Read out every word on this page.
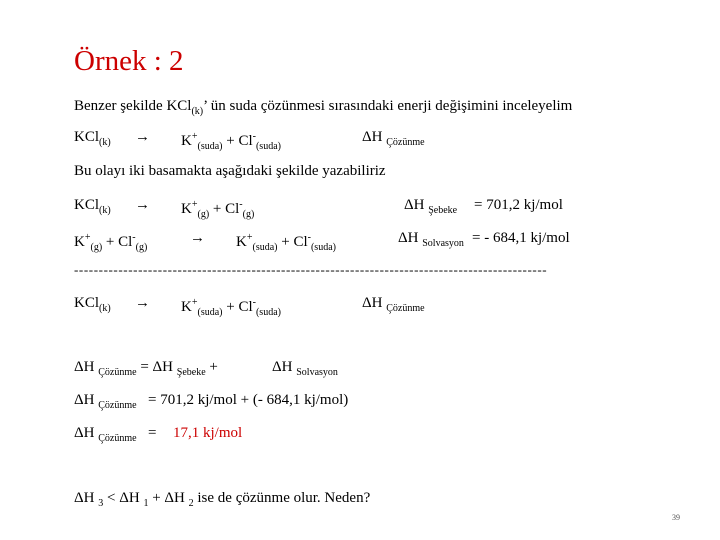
Örnek : 2
Benzer şekilde KCl$_{(k)}$’ ün suda çözünmesi sırasındaki enerji değişimini inceleyelim
$KCl_{(k)} \to K^+_{(suda)} + Cl^-_{(suda)}$
ΔH $_{Çözünme}$
Bu olayı iki basamakta aşağıdaki şekilde yazabiliriz
$KCl_{(k)} \to K^+_{(g)} + Cl^-_{(g)}$
ΔH $_{Şebeke}$ = 701,2 kj/mol
$K^+_{(g)} + Cl^-_{(g)}$
→ $K^+_{(suda)} + Cl^-_{(suda)}$
ΔH $_{Solvasyon}$ = - 684,1 kj/mol
------------------------------------------------------------------------------------------------
$KCl_{(k)} \to K^+_{(suda)} + Cl^-_{(suda)}$
ΔH $_{Çözünme}$
ΔH $_{Çözünme}$ = ΔH $_{Şebeke}$ +	ΔH $_{Solvasyon}$
ΔH $_{Çözünme}$ = 701,2 kj/mol + (- 684,1 kj/mol)
ΔH $_{Çözünme}$ = 17,1 kj/mol
ΔH $_3$ < ΔH $_1$ + ΔH $_2$ ise de çözünme olur. Neden?
39
